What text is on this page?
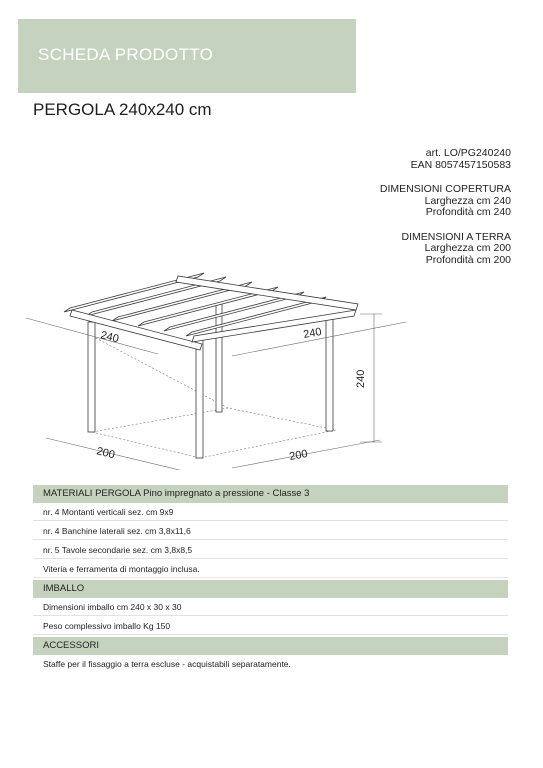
SCHEDA PRODOTTO
PERGOLA 240x240 cm
art. LO/PG240240
EAN 8057457150583
DIMENSIONI COPERTURA
Larghezza cm 240
Profondità cm 240
DIMENSIONI A TERRA
Larghezza cm 200
Profondità cm 200
240	240
240
200	200
MATERIALI PERGOLA Pino impregnato a pressione - Classe 3
nr. 4 Montanti verticali sez. cm 9x9
nr. 4 Banchine laterali sez. cm 3,8x11,6
nr. 5 Tavole secondarie sez. cm 3,8x8,5
Viteria e ferramenta di montaggio inclusa.
IMBALLO
Dimensioni imballo cm 240 x 30 x 30
Peso complessivo imballo Kg 150
ACCESSORI
Staffe per il fissaggio a terra escluse - acquistabili separatamente.
